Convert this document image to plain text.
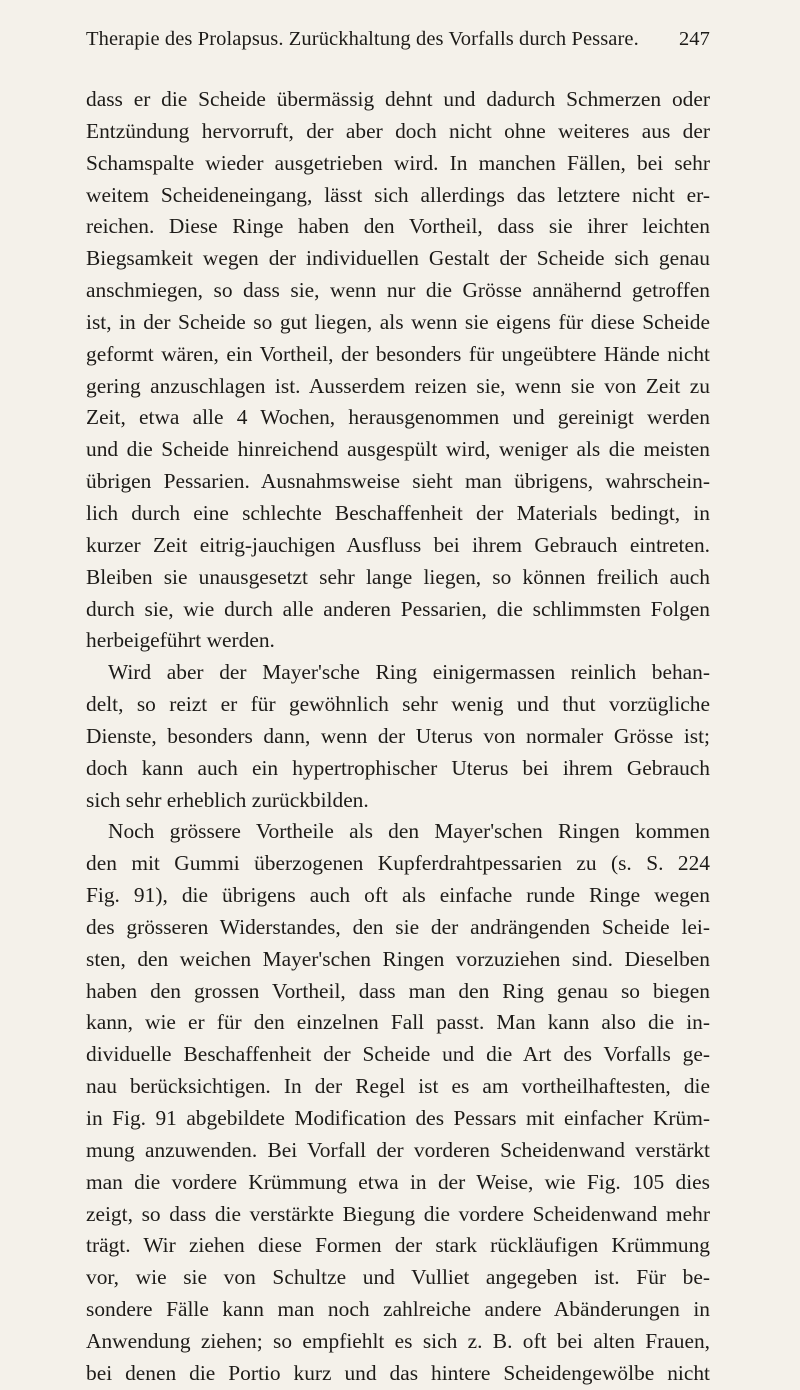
Therapie des Prolapsus. Zurückhaltung des Vorfalls durch Pessare. 247
dass er die Scheide übermässig dehnt und dadurch Schmerzen oder
Entzündung hervorruft, der aber doch nicht ohne weiteres aus der
Schamspalte wieder ausgetrieben wird. In manchen Fällen, bei sehr
weitem Scheideneingang, lässt sich allerdings das letztere nicht er-
reichen. Diese Ringe haben den Vortheil, dass sie ihrer leichten
Biegsamkeit wegen der individuellen Gestalt der Scheide sich genau
anschmiegen, so dass sie, wenn nur die Grösse annähernd getroffen
ist, in der Scheide so gut liegen, als wenn sie eigens für diese Scheide
geformt wären, ein Vortheil, der besonders für ungeübtere Hände nicht
gering anzuschlagen ist. Ausserdem reizen sie, wenn sie von Zeit zu
Zeit, etwa alle 4 Wochen, herausgenommen und gereinigt werden
und die Scheide hinreichend ausgespült wird, weniger als die meisten
übrigen Pessarien. Ausnahmsweise sieht man übrigens, wahrschein-
lich durch eine schlechte Beschaffenheit der Materials bedingt, in
kurzer Zeit eitrig-jauchigen Ausfluss bei ihrem Gebrauch eintreten.
Bleiben sie unausgesetzt sehr lange liegen, so können freilich auch
durch sie, wie durch alle anderen Pessarien, die schlimmsten Folgen
herbeigeführt werden.
Wird aber der Mayer'sche Ring einigermassen reinlich behan-
delt, so reizt er für gewöhnlich sehr wenig und thut vorzügliche
Dienste, besonders dann, wenn der Uterus von normaler Grösse ist;
doch kann auch ein hypertrophischer Uterus bei ihrem Gebrauch
sich sehr erheblich zurückbilden.
Noch grössere Vortheile als den Mayer'schen Ringen kommen
den mit Gummi überzogenen Kupferdrahtpessarien zu (s. S. 224
Fig. 91), die übrigens auch oft als einfache runde Ringe wegen
des grösseren Widerstandes, den sie der andrängenden Scheide lei-
sten, den weichen Mayer'schen Ringen vorzuziehen sind. Dieselben
haben den grossen Vortheil, dass man den Ring genau so biegen
kann, wie er für den einzelnen Fall passt. Man kann also die in-
dividuelle Beschaffenheit der Scheide und die Art des Vorfalls ge-
nau berücksichtigen. In der Regel ist es am vortheilhaftesten, die
in Fig. 91 abgebildete Modification des Pessars mit einfacher Krüm-
mung anzuwenden. Bei Vorfall der vorderen Scheidenwand verstärkt
man die vordere Krümmung etwa in der Weise, wie Fig. 105 dies
zeigt, so dass die verstärkte Biegung die vordere Scheidenwand mehr
trägt. Wir ziehen diese Formen der stark rückläufigen Krümmung
vor, wie sie von Schultze und Vulliet angegeben ist. Für be-
sondere Fälle kann man noch zahlreiche andere Abänderungen in
Anwendung ziehen; so empfiehlt es sich z. B. oft bei alten Frauen,
bei denen die Portio kurz und das hintere Scheidengewölbe nicht
